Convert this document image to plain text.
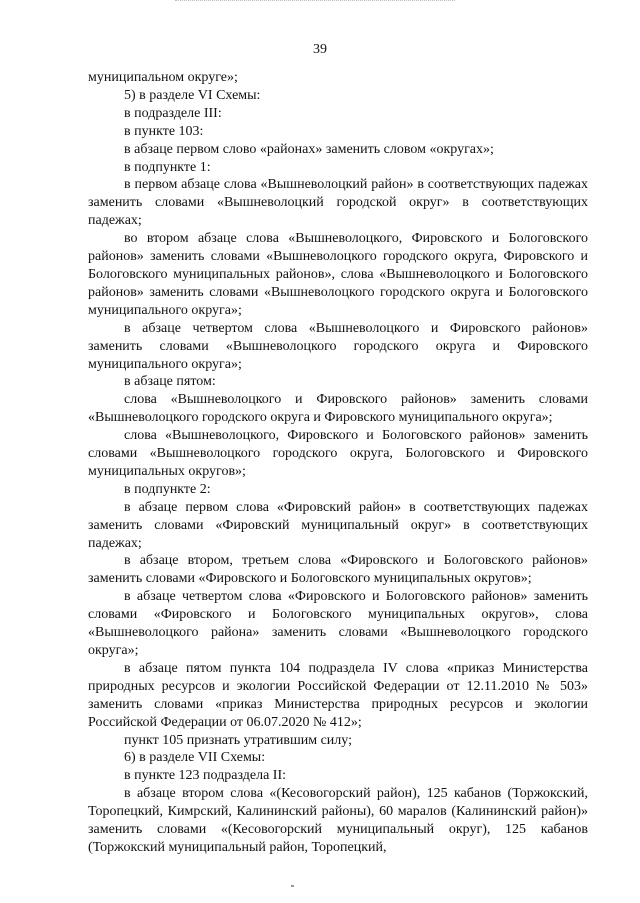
39

муниципальном округе»;

5) в разделе VI Схемы:

в подразделе III:

в пункте 103:

в абзаце первом слово «районах» заменить словом «округах»;

в подпункте 1:

в первом абзаце слова «Вышневолоцкий район» в соответствующих падежах заменить словами «Вышневолоцкий городской округ» в соответствующих падежах;

во втором абзаце слова «Вышневолоцкого, Фировского и Бологовского районов» заменить словами «Вышневолоцкого городского округа, Фировского и Бологовского муниципальных районов», слова «Вышневолоцкого и Бологовского районов» заменить словами «Вышневолоцкого городского округа и Бологовского муниципального округа»;

в абзаце четвертом слова «Вышневолоцкого и Фировского районов» заменить словами «Вышневолоцкого городского округа и Фировского муниципального округа»;

в абзаце пятом:

слова «Вышневолоцкого и Фировского районов» заменить словами «Вышневолоцкого городского округа и Фировского муниципального округа»;

слова «Вышневолоцкого, Фировского и Бологовского районов» заменить словами «Вышневолоцкого городского округа, Бологовского и Фировского муниципальных округов»;

в подпункте 2:

в абзаце первом слова «Фировский район» в соответствующих падежах заменить словами «Фировский муниципальный округ» в соответствующих падежах;

в абзаце втором, третьем слова «Фировского и Бологовского районов» заменить словами «Фировского и Бологовского муниципальных округов»;

в абзаце четвертом слова «Фировского и Бологовского районов» заменить словами «Фировского и Бологовского муниципальных округов», слова «Вышневолоцкого района» заменить словами «Вышневолоцкого городского округа»;

в абзаце пятом пункта 104 подраздела IV слова «приказ Министерства природных ресурсов и экологии Российской Федерации от 12.11.2010 № 503» заменить словами «приказ Министерства природных ресурсов и экологии Российской Федерации от 06.07.2020 № 412»;

пункт 105 признать утратившим силу;

6) в разделе VII Схемы:

в пункте 123 подраздела II:

в абзаце втором слова «(Кесовогорский район), 125 кабанов (Торжокский, Торопецкий, Кимрский, Калининский районы), 60 маралов (Калининский район)» заменить словами «(Кесовогорский муниципальный округ), 125 кабанов (Торжокский муниципальный район, Торопецкий,
